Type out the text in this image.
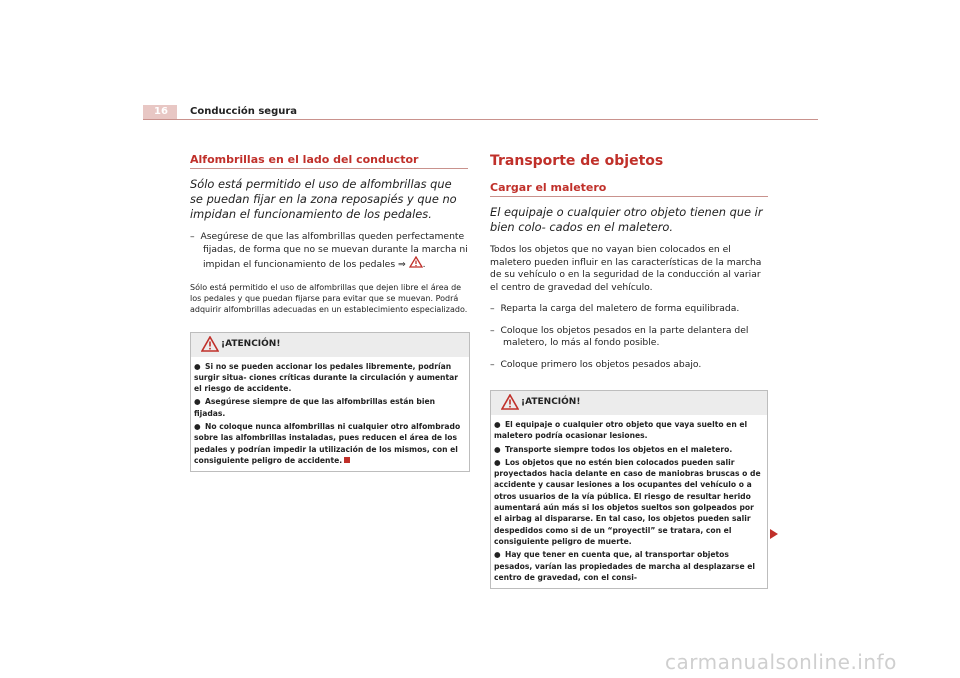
16 Conducción segura
Alfombrillas en el lado del conductor

Sólo está permitido el uso de alfombrillas que se puedan fijar en la zona reposapiés y que no impidan el funcionamiento de los pedales.

–  Asegúrese de que las alfombrillas queden perfectamente fijadas, de forma que no se muevan durante la marcha ni impidan el funcionamiento de los pedales ⇒ .

Sólo está permitido el uso de alfombrillas que dejen libre el área de los pedales y que puedan fijarse para evitar que se muevan. Podrá adquirir alfombrillas adecuadas en un establecimiento especializado.

¡ATENCIÓN!

● Si no se pueden accionar los pedales libremente, podrían surgir situa- ciones críticas durante la circulación y aumentar el riesgo de accidente.

● Asegúrese siempre de que las alfombrillas están bien fijadas.

● No coloque nunca alfombrillas ni cualquier otro alfombrado sobre las alfombrillas instaladas, pues reducen el área de los pedales y podrían impedir la utilización de los mismos, con el consiguiente peligro de accidente.

Transporte de objetos
Cargar el maletero

El equipaje o cualquier otro objeto tienen que ir bien colo- cados en el maletero.

Todos los objetos que no vayan bien colocados en el maletero pueden influir en las características de la marcha de su vehículo o en la seguridad de la conducción al variar el centro de gravedad del vehículo.

–  Reparta la carga del maletero de forma equilibrada.

–  Coloque los objetos pesados en la parte delantera del maletero, lo más al fondo posible.

–  Coloque primero los objetos pesados abajo.

¡ATENCIÓN!

● El equipaje o cualquier otro objeto que vaya suelto en el maletero podría ocasionar lesiones.

● Transporte siempre todos los objetos en el maletero.

● Los objetos que no estén bien colocados pueden salir proyectados hacia delante en caso de maniobras bruscas o de accidente y causar lesiones a los ocupantes del vehículo o a otros usuarios de la vía pública. El riesgo de resultar herido aumentará aún más si los objetos sueltos son golpeados por el airbag al dispararse. En tal caso, los objetos pueden salir despedidos como si de un “proyectil” se tratara, con el consiguiente peligro de muerte.

● Hay que tener en cuenta que, al transportar objetos pesados, varían las propiedades de marcha al desplazarse el centro de gravedad, con el consi-

carmanualsonline.info
